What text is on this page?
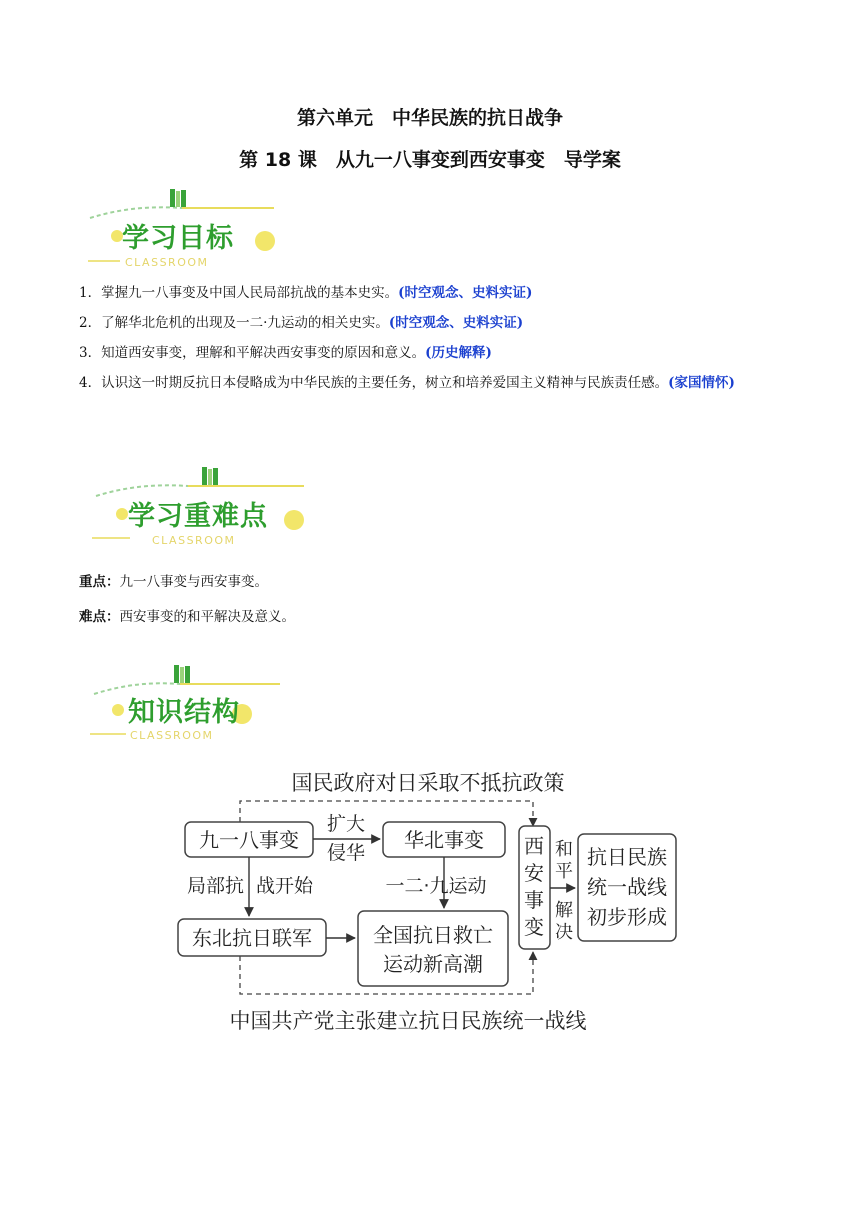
第六单元　中华民族的抗日战争
第 18 课　从九一八事变到西安事变　导学案
学习目标
CLASSROOM
1．掌握九一八事变及中国人民局部抗战的基本史实。(时空观念、史料实证)
2．了解华北危机的出现及一二·九运动的相关史实。(时空观念、史料实证)
3．知道西安事变，理解和平解决西安事变的原因和意义。(历史解释)
4．认识这一时期反抗日本侵略成为中华民族的主要任务，树立和培养爱国主义精神与民族责任感。(家国情怀)
学习重难点
CLASSROOM
重点：九一八事变与西安事变。
难点：西安事变的和平解决及意义。
知识结构
CLASSROOM
国民政府对日采取不抵抗政策
中国共产党主张建立抗日民族统一战线
九一八事变	华北事变
东北抗日联军	全国抗日救亡
运动新高潮
西
安
事
变
抗日民族
统一战线
初步形成
扩大
侵华
局部抗 战开始	一二·九运动
和
平
解
决
